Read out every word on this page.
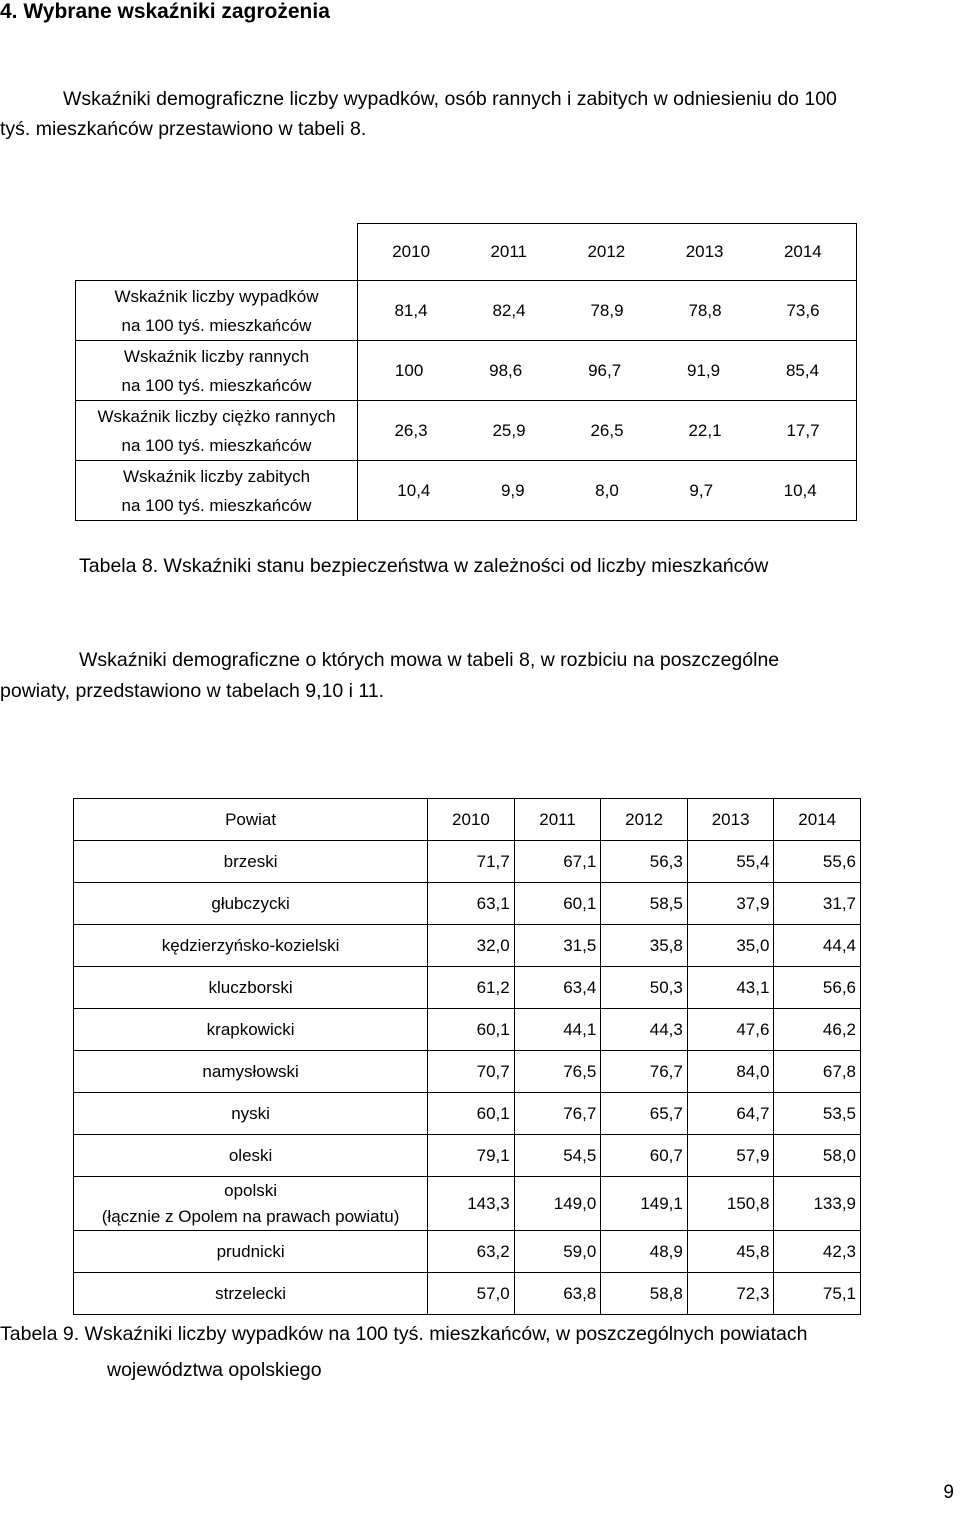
4. Wybrane wskaźniki zagrożenia
Wskaźniki demograficzne liczby wypadków, osób rannych i zabitych w odniesieniu do 100
tyś. mieszkańców przestawiono w tabeli 8.

	2010 2011 2012 2013 2014

Wskaźnik liczby wypadków
na 100 tyś. mieszkańców	81,4 82,4 78,9 78,8 73,6

Wskaźnik liczby rannych
na 100 tyś. mieszkańców	100 98,6 96,7 91,9 85,4

Wskaźnik liczby ciężko rannych
na 100 tyś. mieszkańców	26,3 25,9 26,5 22,1 17,7

Wskaźnik liczby zabitych
na 100 tyś. mieszkańców	10,4 9,9 8,0 9,7 10,4
Tabela 8. Wskaźniki stanu bezpieczeństwa w zależności od liczby mieszkańców
Wskaźniki demograficzne o których mowa w tabeli 8, w rozbiciu na poszczególne
powiaty, przedstawiono w tabelach 9,10 i 11.
Powiat	2010	2011	2012	2013	2014
brzeski	71,7	67,1	56,3	55,4	55,6
głubczycki	63,1	60,1	58,5	37,9	31,7
kędzierzyńsko-kozielski	32,0	31,5	35,8	35,0	44,4
kluczborski	61,2	63,4	50,3	43,1	56,6
krapkowicki	60,1	44,1	44,3	47,6	46,2
namysłowski	70,7	76,5	76,7	84,0	67,8
nyski	60,1	76,7	65,7	64,7	53,5
oleski	79,1	54,5	60,7	57,9	58,0
opolski
(łącznie z Opolem na prawach powiatu)	143,3	149,0	149,1	150,8	133,9
prudnicki	63,2	59,0	48,9	45,8	42,3
strzelecki	57,0	63,8	58,8	72,3	75,1
Tabela 9. Wskaźniki liczby wypadków na 100 tyś. mieszkańców, w poszczególnych powiatach
województwa opolskiego
9
